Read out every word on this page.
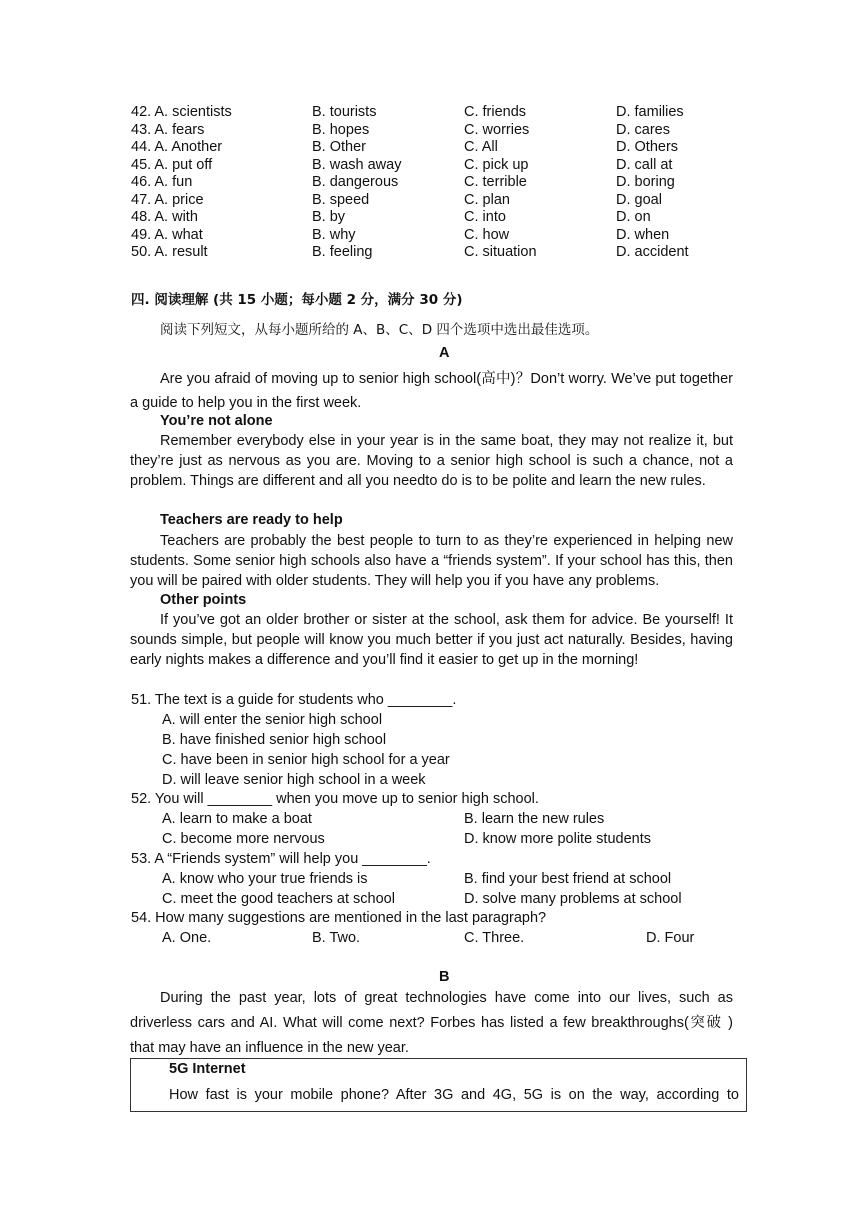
42. A. scientists	B. tourists	C. friends	D. families
43. A. fears	B. hopes	C. worries	D. cares
44. A. Another	B. Other	C. All	D. Others
45. A. put off	B. wash away	C. pick up	D. call at
46. A. fun	B. dangerous	C. terrible	D. boring
47. A. price	B. speed	C. plan	D. goal
48. A. with	B. by	C. into	D. on
49. A. what	B. why	C. how	D. when
50. A. result	B. feeling	C. situation	D. accident
四. 阅读理解 (共 15 小题；每小题 2 分，满分 30 分)
阅读下列短文，从每小题所给的 A、B、C、D 四个选项中选出最佳选项。
A

Are you afraid of moving up to senior high school(高中)？Don’t worry. We’ve put together a guide to help you in the first week.

You’re not alone

Remember everybody else in your year is in the same boat, they may not realize it, but they’re just as nervous as you are. Moving to a senior high school is such a chance, not a problem. Things are different and all you needto do is to be polite and learn the new rules.

Teachers are ready to help

Teachers are probably the best people to turn to as they’re experienced in helping new students. Some senior high schools also have a “friends system”. If your school has this, then you will be paired with older students. They will help you if you have any problems.

Other points

If you’ve got an older brother or sister at the school, ask them for advice. Be yourself! It sounds simple, but people will know you much better if you just act naturally. Besides, having early nights makes a difference and you’ll find it easier to get up in the morning!

51. The text is a guide for students who ________.
A. will enter the senior high school
B. have finished senior high school
C. have been in senior high school for a year
D. will leave senior high school in a week
52. You will ________ when you move up to senior high school.
A. learn to make a boat	B. learn the new rules
C. become more nervous	D. know more polite students
53. A “Friends system” will help you ________.
A. know who your true friends is	B. find your best friend at school
C. meet the good teachers at school	D. solve many problems at school
54. How many suggestions are mentioned in the last paragraph?
A. One.	B. Two.	C. Three.	D. Four
B

During the past year, lots of great technologies have come into our lives, such as driverless cars and AI. What will come next? Forbes has listed a few breakthroughs(突破 ) that may have an influence in the new year.

5G Internet
How fast is your mobile phone? After 3G and 4G, 5G is on the way, according to
